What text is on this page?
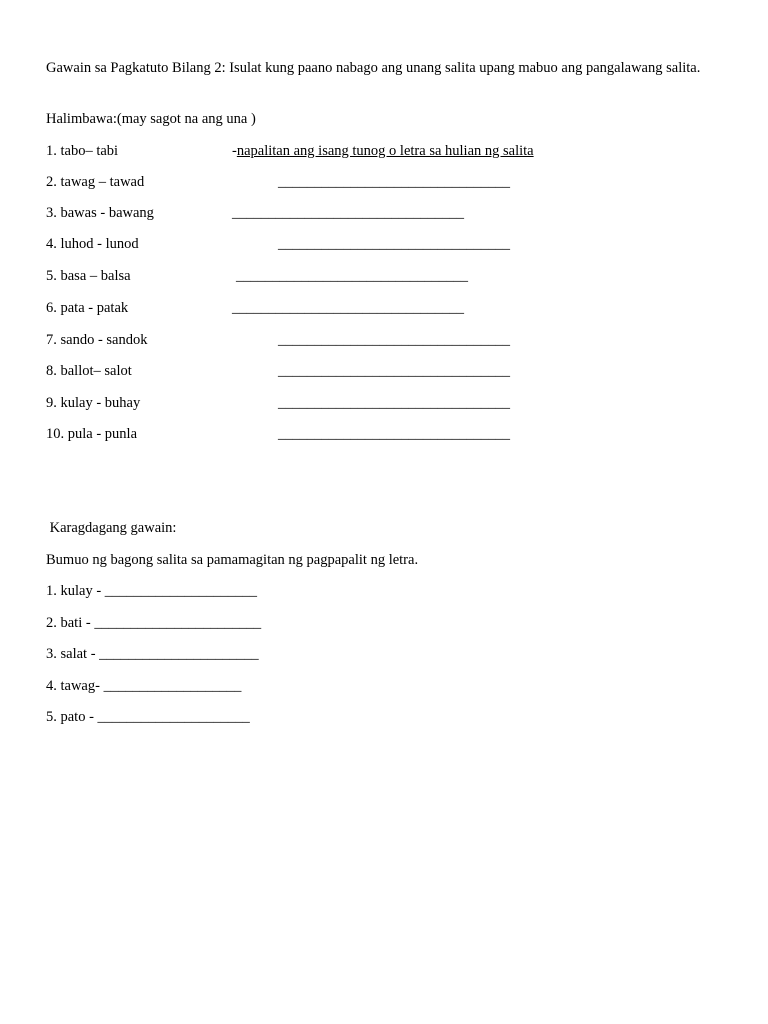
Gawain sa Pagkatuto Bilang 2: Isulat kung paano nabago ang unang salita upang mabuo ang pangalawang salita.
Halimbawa:(may sagot na ang una )
1. tabo– tabi	-napalitan ang isang tunog o letra sa hulian ng salita
2. tawag – tawad	________________________________
3. bawas - bawang	________________________________
4. luhod - lunod	________________________________
5. basa – balsa	________________________________
6. pata - patak	________________________________
7. sando - sandok	________________________________
8. ballot– salot	________________________________
9. kulay - buhay	________________________________
10. pula - punla	________________________________
Karagdagang gawain:
Bumuo ng bagong salita sa pamamagitan ng pagpapalit ng letra.
1. kulay - _____________________
2. bati - _______________________
3. salat - ______________________
4. tawag- ___________________
5. pato - _____________________
